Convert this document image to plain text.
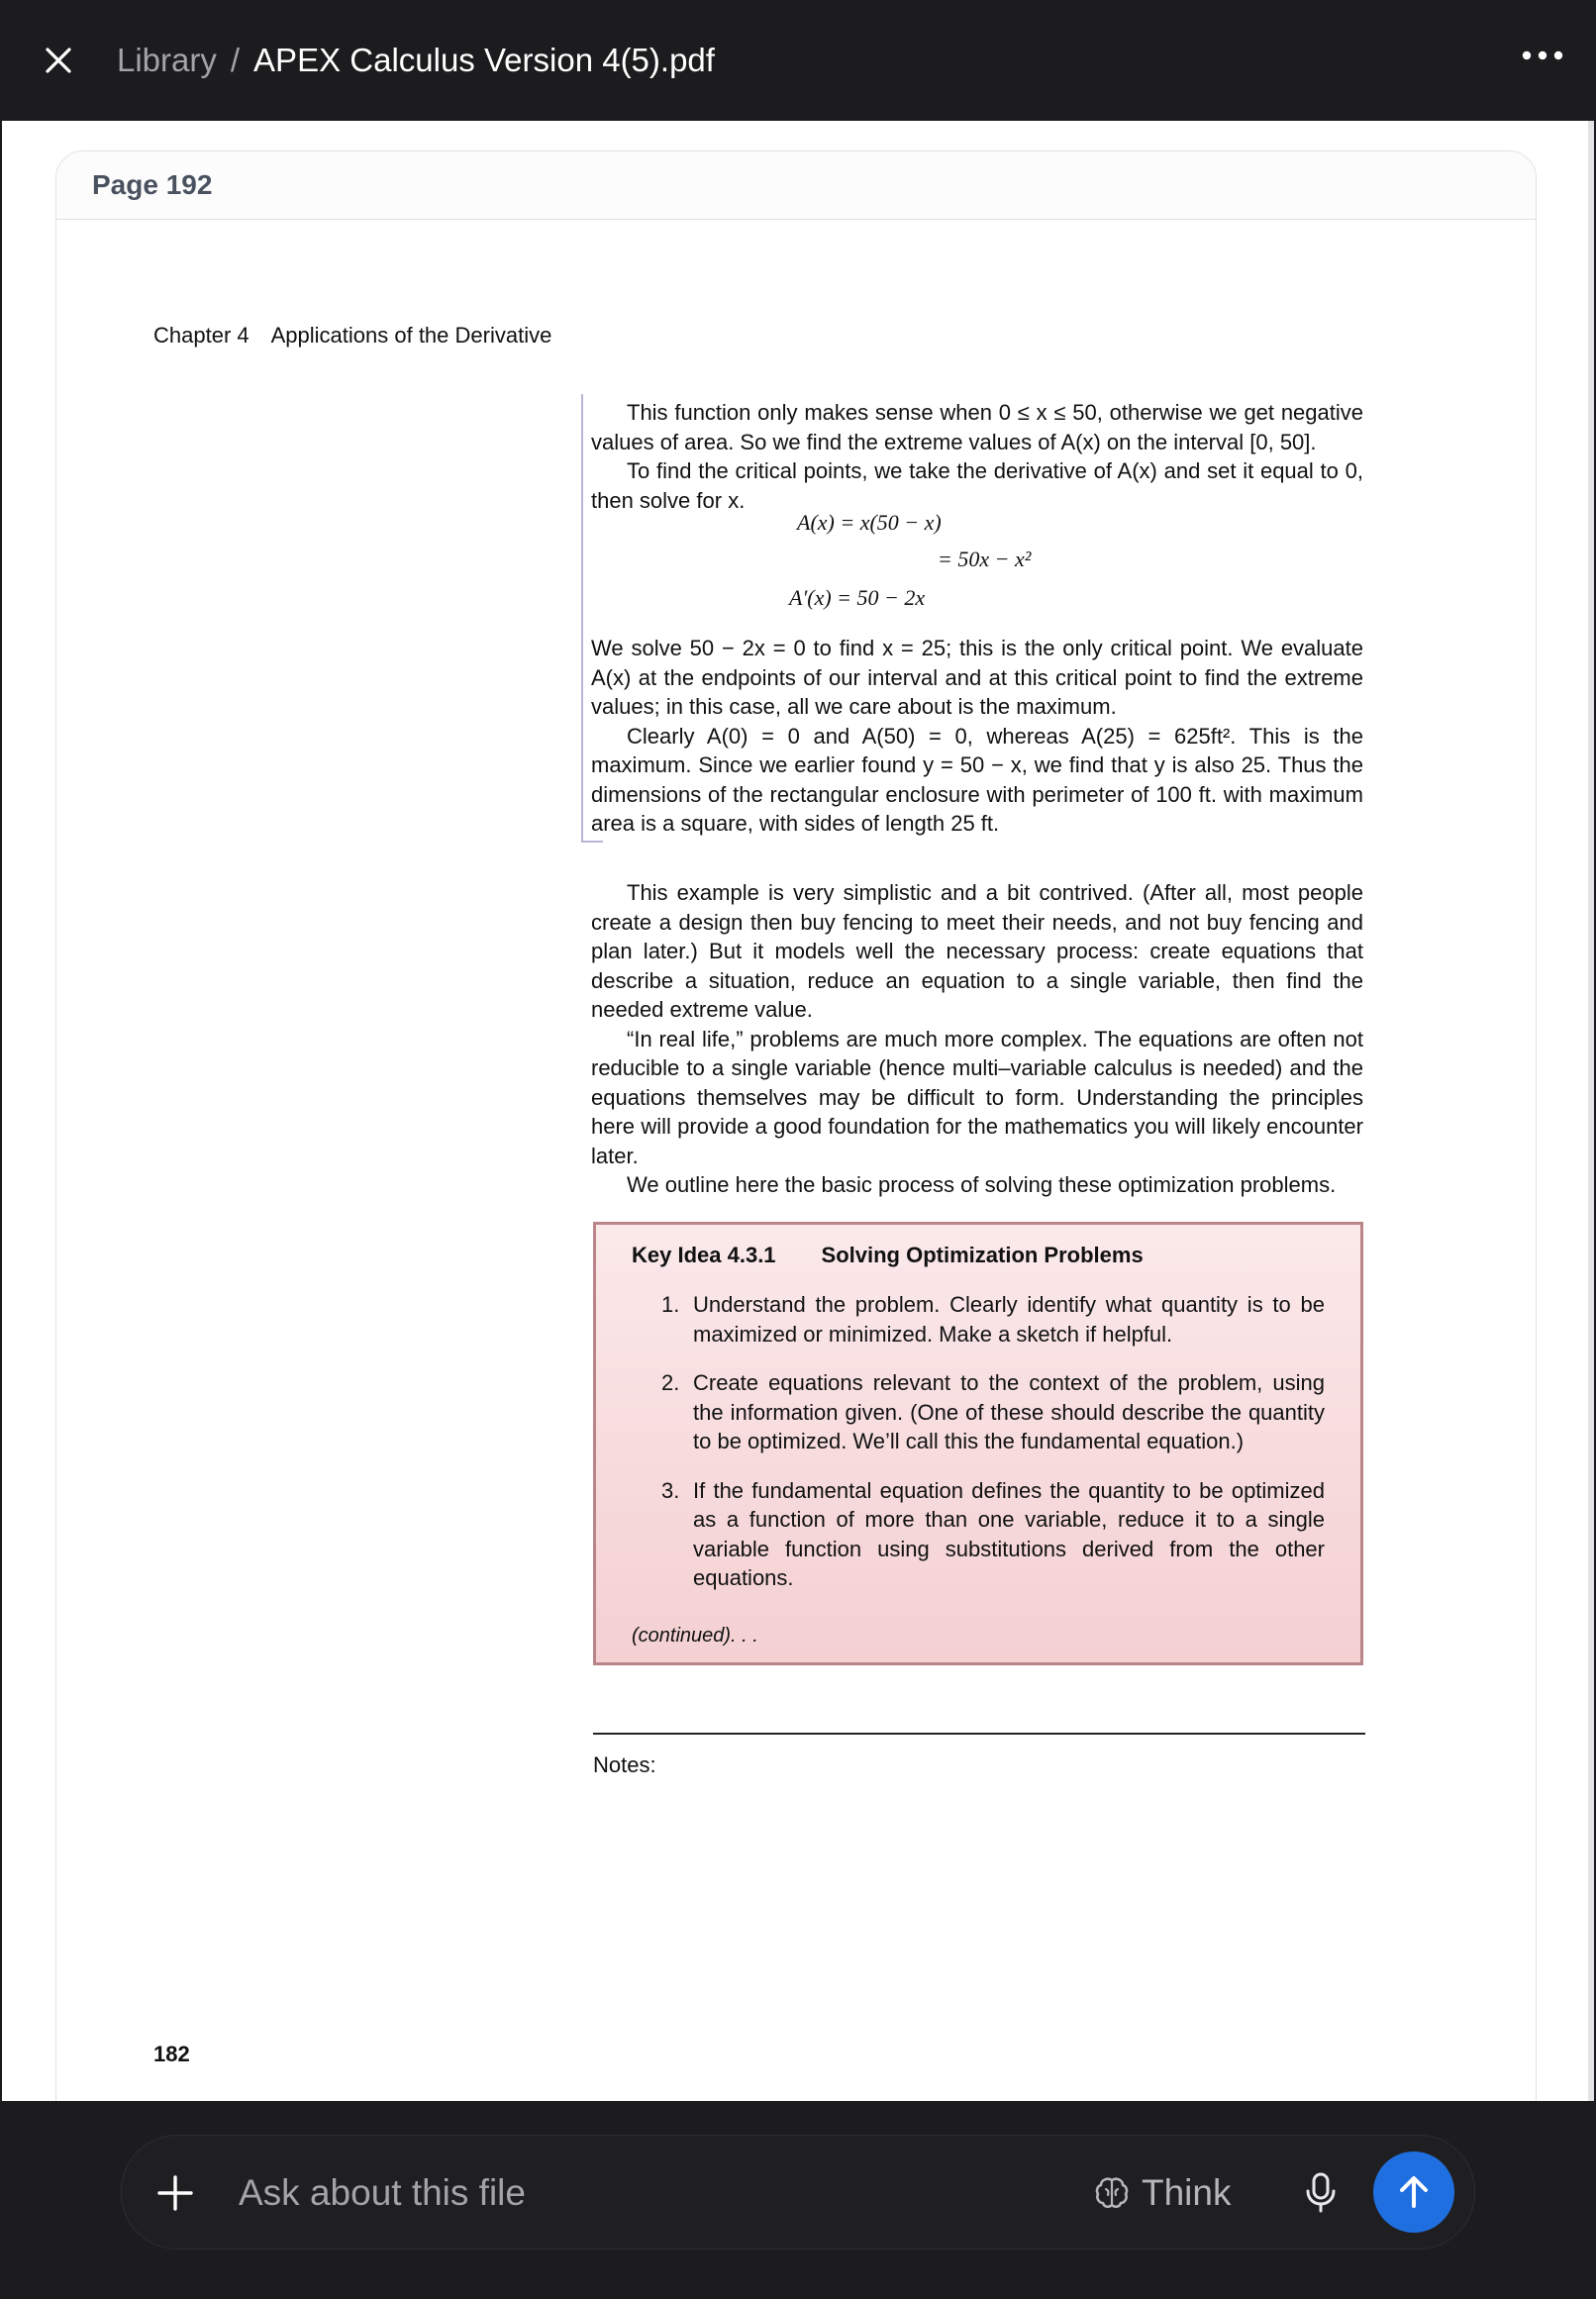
Library / APEX Calculus Version 4(5).pdf
Page 192
Chapter 4 Applications of the Derivative

This function only makes sense when 0 ≤ x ≤ 50, otherwise we get negative values of area. So we find the extreme values of A(x) on the interval [0, 50].

To find the critical points, we take the derivative of A(x) and set it equal to 0, then solve for x.

A(x) = x(50 − x)
= 50x − x²
A′(x) = 50 − 2x

We solve 50 − 2x = 0 to find x = 25; this is the only critical point. We evaluate A(x) at the endpoints of our interval and at this critical point to find the extreme values; in this case, all we care about is the maximum.

Clearly A(0) = 0 and A(50) = 0, whereas A(25) = 625ft². This is the maximum. Since we earlier found y = 50 − x, we find that y is also 25. Thus the dimensions of the rectangular enclosure with perimeter of 100 ft. with maximum area is a square, with sides of length 25 ft.

This example is very simplistic and a bit contrived. (After all, most people create a design then buy fencing to meet their needs, and not buy fencing and plan later.) But it models well the necessary process: create equations that describe a situation, reduce an equation to a single variable, then find the needed extreme value.

“In real life,” problems are much more complex. The equations are often not reducible to a single variable (hence multi–variable calculus is needed) and the equations themselves may be difficult to form. Understanding the principles here will provide a good foundation for the mathematics you will likely encounter later.

We outline here the basic process of solving these optimization problems.

Key Idea 4.3.1 Solving Optimization Problems
1. Understand the problem. Clearly identify what quantity is to be maximized or minimized. Make a sketch if helpful.
2. Create equations relevant to the context of the problem, using the information given. (One of these should describe the quantity to be optimized. We’ll call this the fundamental equation.)
3. If the fundamental equation defines the quantity to be optimized as a function of more than one variable, reduce it to a single variable function using substitutions derived from the other equations.
(continued). . .
Notes:
182
Ask about this file
Think
